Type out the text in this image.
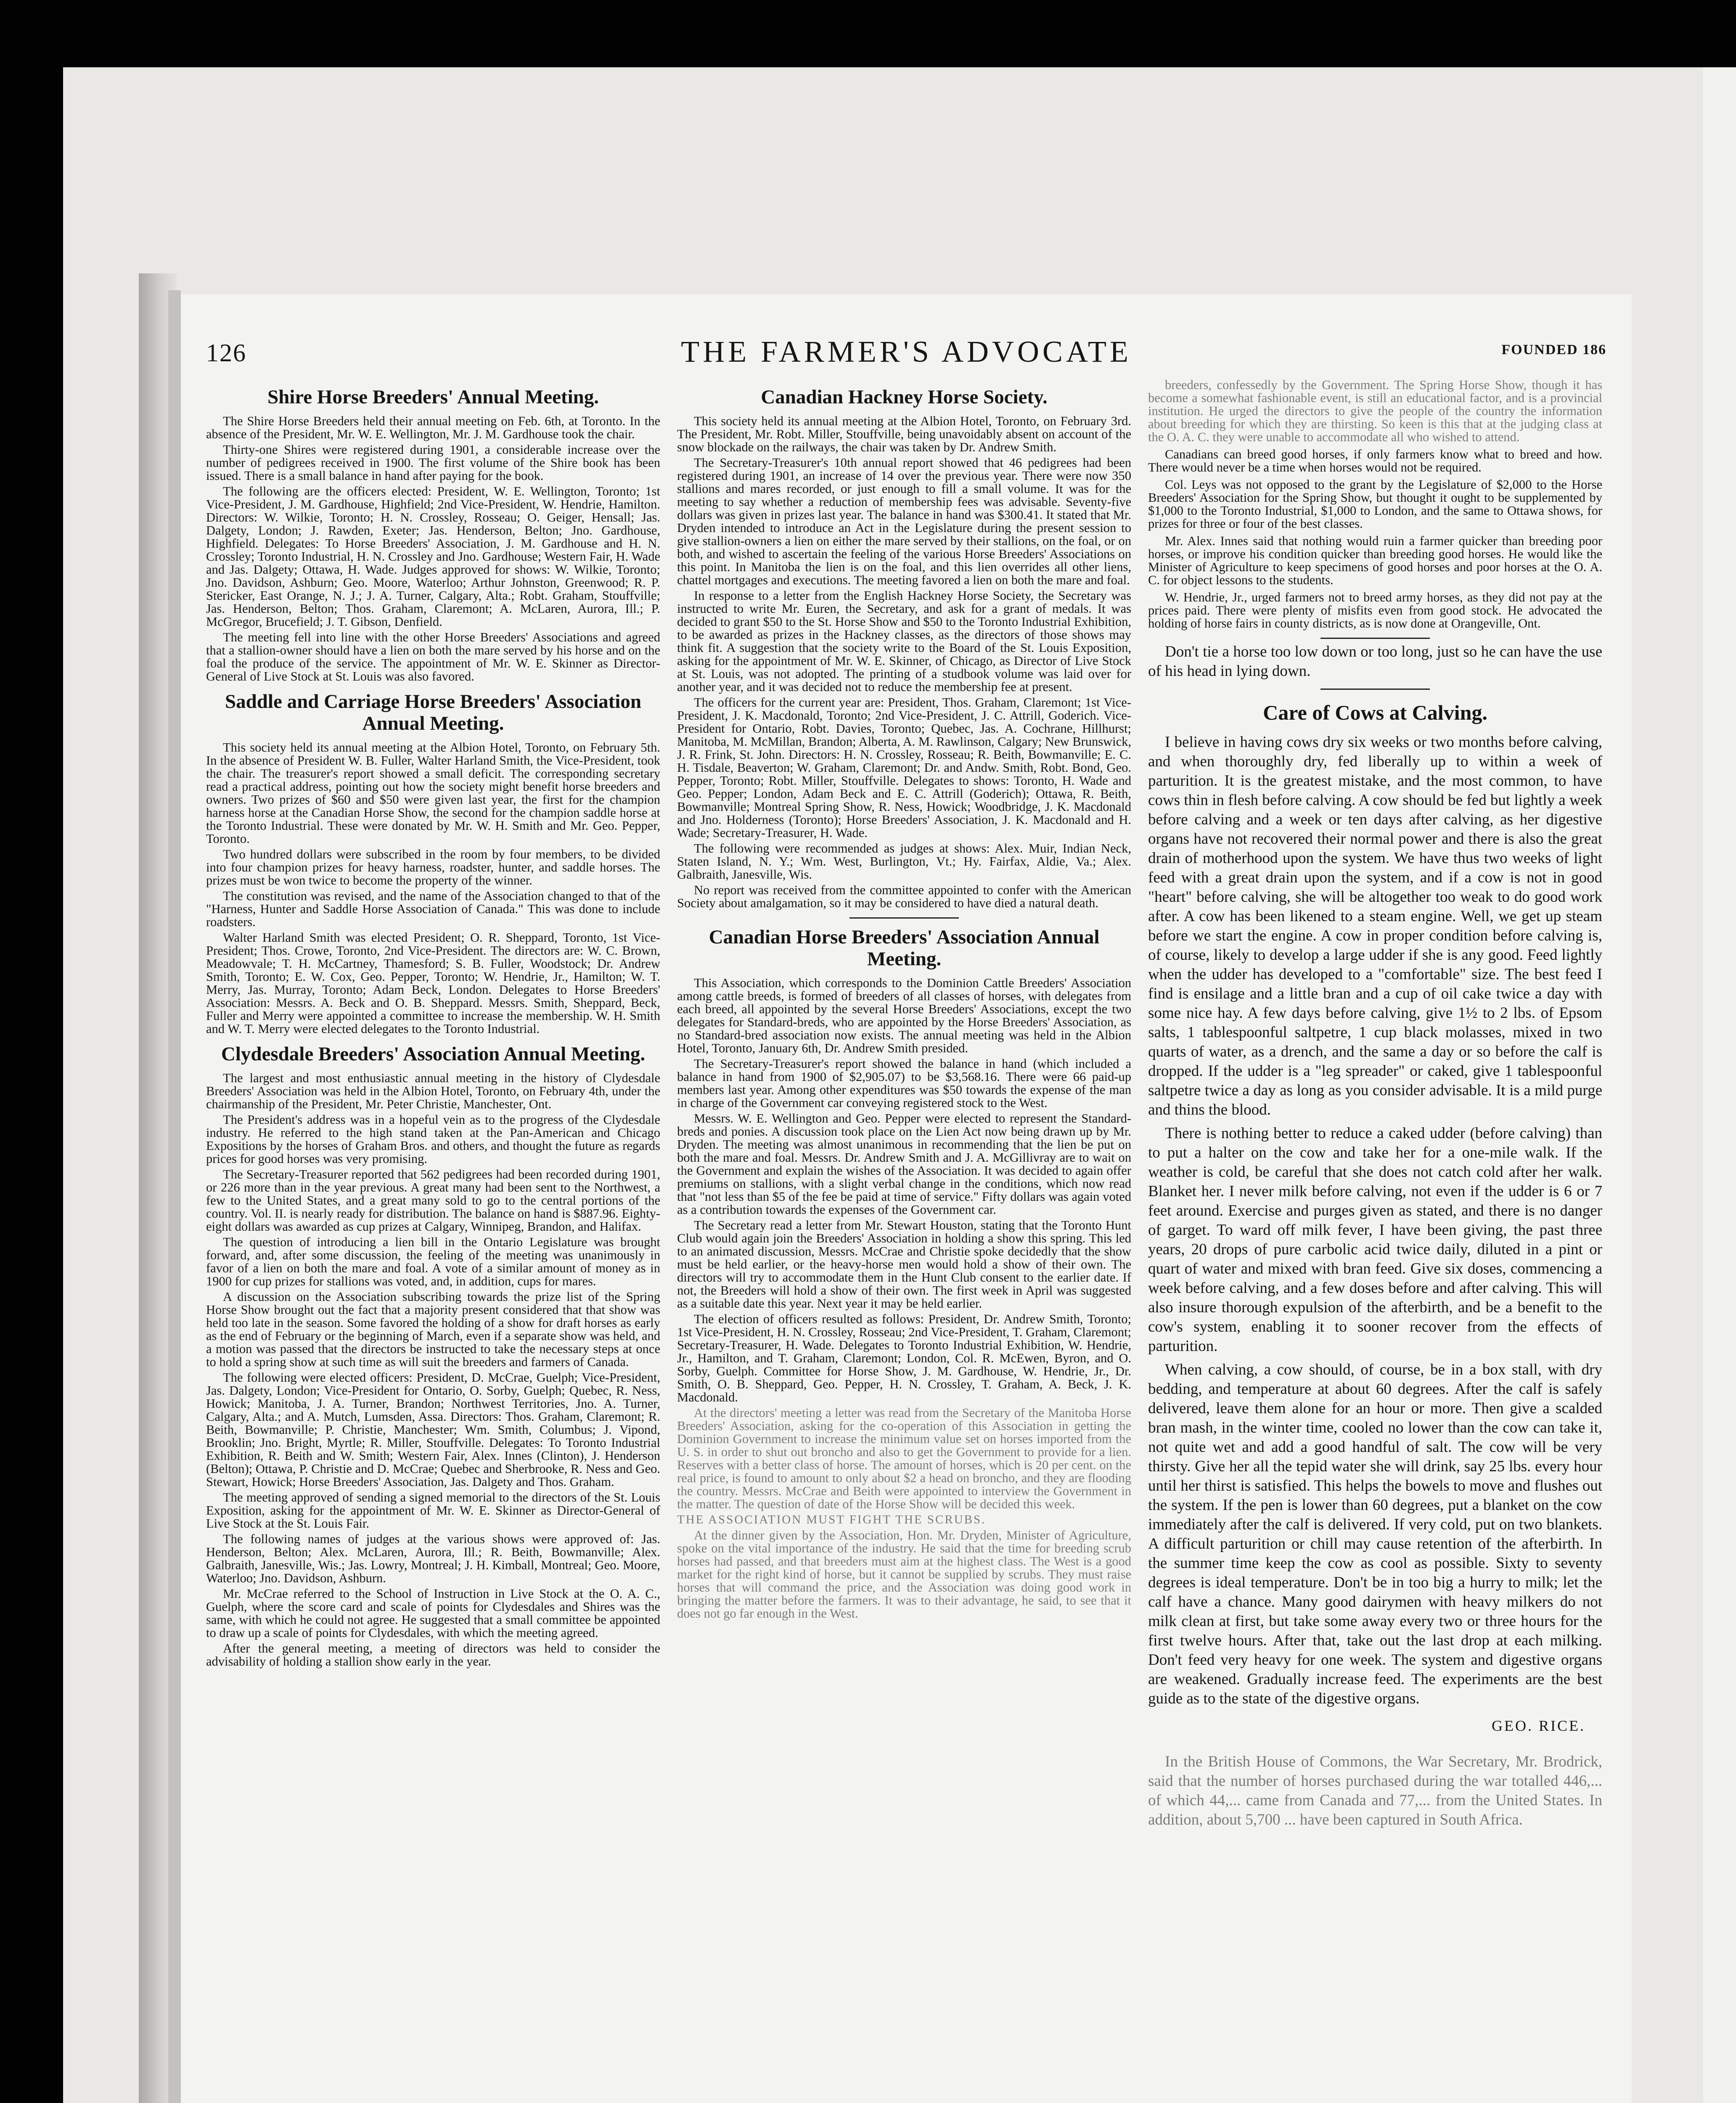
126	THE FARMER'S ADVOCATE	FOUNDED 186
Shire Horse Breeders' Annual Meeting.

The Shire Horse Breeders held their annual meeting on Feb. 6th, at Toronto. In the absence of the President, Mr. W. E. Wellington, Mr. J. M. Gardhouse took the chair.

Thirty-one Shires were registered during 1901, a considerable increase over the number of pedigrees received in 1900. The first volume of the Shire book has been issued. There is a small balance in hand after paying for the book.

The following are the officers elected: President, W. E. Wellington, Toronto; 1st Vice-President, J. M. Gardhouse, Highfield; 2nd Vice-President, W. Hendrie, Hamilton. Directors: W. Wilkie, Toronto; H. N. Crossley, Rosseau; O. Geiger, Hensall; Jas. Dalgety, London; J. Rawden, Exeter; Jas. Henderson, Belton; Jno. Gardhouse, Highfield. Delegates: To Horse Breeders' Association, J. M. Gardhouse and H. N. Crossley; Toronto Industrial, H. N. Crossley and Jno. Gardhouse; Western Fair, H. Wade and Jas. Dalgety; Ottawa, H. Wade. Judges approved for shows: W. Wilkie, Toronto; Jno. Davidson, Ashburn; Geo. Moore, Waterloo; Arthur Johnston, Greenwood; R. P. Stericker, East Orange, N. J.; J. A. Turner, Calgary, Alta.; Robt. Graham, Stouffville; Jas. Henderson, Belton; Thos. Graham, Claremont; A. McLaren, Aurora, Ill.; P. McGregor, Brucefield; J. T. Gibson, Denfield.

The meeting fell into line with the other Horse Breeders' Associations and agreed that a stallion-owner should have a lien on both the mare served by his horse and on the foal the produce of the service. The appointment of Mr. W. E. Skinner as Director-General of Live Stock at St. Louis was also favored.

Saddle and Carriage Horse Breeders' Association Annual Meeting.

This society held its annual meeting at the Albion Hotel, Toronto, on February 5th. In the absence of President W. B. Fuller, Walter Harland Smith, the Vice-President, took the chair. The treasurer's report showed a small deficit. The corresponding secretary read a practical address, pointing out how the society might benefit horse breeders and owners. Two prizes of $60 and $50 were given last year, the first for the champion harness horse at the Canadian Horse Show, the second for the champion saddle horse at the Toronto Industrial. These were donated by Mr. W. H. Smith and Mr. Geo. Pepper, Toronto.

Two hundred dollars were subscribed in the room by four members, to be divided into four champion prizes for heavy harness, roadster, hunter, and saddle horses. The prizes must be won twice to become the property of the winner.

The constitution was revised, and the name of the Association changed to that of the "Harness, Hunter and Saddle Horse Association of Canada." This was done to include roadsters.

Walter Harland Smith was elected President; O. R. Sheppard, Toronto, 1st Vice-President; Thos. Crowe, Toronto, 2nd Vice-President. The directors are: W. C. Brown, Meadowvale; T. H. McCartney, Thamesford; S. B. Fuller, Woodstock; Dr. Andrew Smith, Toronto; E. W. Cox, Geo. Pepper, Toronto; W. Hendrie, Jr., Hamilton; W. T. Merry, Jas. Murray, Toronto; Adam Beck, London. Delegates to Horse Breeders' Association: Messrs. A. Beck and O. B. Sheppard. Messrs. Smith, Sheppard, Beck, Fuller and Merry were appointed a committee to increase the membership. W. H. Smith and W. T. Merry were elected delegates to the Toronto Industrial.

Clydesdale Breeders' Association Annual Meeting.

The largest and most enthusiastic annual meeting in the history of Clydesdale Breeders' Association was held in the Albion Hotel, Toronto, on February 4th, under the chairmanship of the President, Mr. Peter Christie, Manchester, Ont.

The President's address was in a hopeful vein as to the progress of the Clydesdale industry. He referred to the high stand taken at the Pan-American and Chicago Expositions by the horses of Graham Bros. and others, and thought the future as regards prices for good horses was very promising.

The Secretary-Treasurer reported that 562 pedigrees had been recorded during 1901, or 226 more than in the year previous. A great many had been sent to the Northwest, a few to the United States, and a great many sold to go to the central portions of the country. Vol. II. is nearly ready for distribution. The balance on hand is $887.96. Eighty-eight dollars was awarded as cup prizes at Calgary, Winnipeg, Brandon, and Halifax.

The question of introducing a lien bill in the Ontario Legislature was brought forward, and, after some discussion, the feeling of the meeting was unanimously in favor of a lien on both the mare and foal. A vote of a similar amount of money as in 1900 for cup prizes for stallions was voted, and, in addition, cups for mares.

A discussion on the Association subscribing towards the prize list of the Spring Horse Show brought out the fact that a majority present considered that that show was held too late in the season. Some favored the holding of a show for draft horses as early as the end of February or the beginning of March, even if a separate show was held, and a motion was passed that the directors be instructed to take the necessary steps at once to hold a spring show at such time as will suit the breeders and farmers of Canada.

The following were elected officers: President, D. McCrae, Guelph; Vice-President, Jas. Dalgety, London; Vice-President for Ontario, O. Sorby, Guelph; Quebec, R. Ness, Howick; Manitoba, J. A. Turner, Brandon; Northwest Territories, Jno. A. Turner, Calgary, Alta.; and A. Mutch, Lumsden, Assa. Directors: Thos. Graham, Claremont; R. Beith, Bowmanville; P. Christie, Manchester; Wm. Smith, Columbus; J. Vipond, Brooklin; Jno. Bright, Myrtle; R. Miller, Stouffville. Delegates: To Toronto Industrial Exhibition, R. Beith and W. Smith; Western Fair, Alex. Innes (Clinton), J. Henderson (Belton); Ottawa, P. Christie and D. McCrae; Quebec and Sherbrooke, R. Ness and Geo. Stewart, Howick; Horse Breeders' Association, Jas. Dalgety and Thos. Graham.

The meeting approved of sending a signed memorial to the directors of the St. Louis Exposition, asking for the appointment of Mr. W. E. Skinner as Director-General of Live Stock at the St. Louis Fair.

The following names of judges at the various shows were approved of: Jas. Henderson, Belton; Alex. McLaren, Aurora, Ill.; R. Beith, Bowmanville; Alex. Galbraith, Janesville, Wis.; Jas. Lowry, Montreal; J. H. Kimball, Montreal; Geo. Moore, Waterloo; Jno. Davidson, Ashburn.

Mr. McCrae referred to the School of Instruction in Live Stock at the O. A. C., Guelph, where the score card and scale of points for Clydesdales and Shires was the same, with which he could not agree. He suggested that a small committee be appointed to draw up a scale of points for Clydesdales, with which the meeting agreed.

After the general meeting, a meeting of directors was held to consider the advisability of holding a stallion show early in the year.

Canadian Hackney Horse Society.

This society held its annual meeting at the Albion Hotel, Toronto, on February 3rd. The President, Mr. Robt. Miller, Stouffville, being unavoidably absent on account of the snow blockade on the railways, the chair was taken by Dr. Andrew Smith.

The Secretary-Treasurer's 10th annual report showed that 46 pedigrees had been registered during 1901, an increase of 14 over the previous year. There were now 350 stallions and mares recorded, or just enough to fill a small volume. It was for the meeting to say whether a reduction of membership fees was advisable. Seventy-five dollars was given in prizes last year. The balance in hand was $300.41. It stated that Mr. Dryden intended to introduce an Act in the Legislature during the present session to give stallion-owners a lien on either the mare served by their stallions, on the foal, or on both, and wished to ascertain the feeling of the various Horse Breeders' Associations on this point. In Manitoba the lien is on the foal, and this lien overrides all other liens, chattel mortgages and executions. The meeting favored a lien on both the mare and foal.

In response to a letter from the English Hackney Horse Society, the Secretary was instructed to write Mr. Euren, the Secretary, and ask for a grant of medals. It was decided to grant $50 to the St. Horse Show and $50 to the Toronto Industrial Exhibition, to be awarded as prizes in the Hackney classes, as the directors of those shows may think fit. A suggestion that the society write to the Board of the St. Louis Exposition, asking for the appointment of Mr. W. E. Skinner, of Chicago, as Director of Live Stock at St. Louis, was not adopted. The printing of a studbook volume was laid over for another year, and it was decided not to reduce the membership fee at present.

The officers for the current year are: President, Thos. Graham, Claremont; 1st Vice-President, J. K. Macdonald, Toronto; 2nd Vice-President, J. C. Attrill, Goderich. Vice-President for Ontario, Robt. Davies, Toronto; Quebec, Jas. A. Cochrane, Hillhurst; Manitoba, M. McMillan, Brandon; Alberta, A. M. Rawlinson, Calgary; New Brunswick, J. R. Frink, St. John. Directors: H. N. Crossley, Rosseau; R. Beith, Bowmanville; E. C. H. Tisdale, Beaverton; W. Graham, Claremont; Dr. and Andw. Smith, Robt. Bond, Geo. Pepper, Toronto; Robt. Miller, Stouffville. Delegates to shows: Toronto, H. Wade and Geo. Pepper; London, Adam Beck and E. C. Attrill (Goderich); Ottawa, R. Beith, Bowmanville; Montreal Spring Show, R. Ness, Howick; Woodbridge, J. K. Macdonald and Jno. Holderness (Toronto); Horse Breeders' Association, J. K. Macdonald and H. Wade; Secretary-Treasurer, H. Wade.

The following were recommended as judges at shows: Alex. Muir, Indian Neck, Staten Island, N. Y.; Wm. West, Burlington, Vt.; Hy. Fairfax, Aldie, Va.; Alex. Galbraith, Janesville, Wis.

No report was received from the committee appointed to confer with the American Society about amalgamation, so it may be considered to have died a natural death.

Canadian Horse Breeders' Association Annual Meeting.

This Association, which corresponds to the Dominion Cattle Breeders' Association among cattle breeds, is formed of breeders of all classes of horses, with delegates from each breed, all appointed by the several Horse Breeders' Associations, except the two delegates for Standard-breds, who are appointed by the Horse Breeders' Association, as no Standard-bred association now exists. The annual meeting was held in the Albion Hotel, Toronto, January 6th, Dr. Andrew Smith presided.

The Secretary-Treasurer's report showed the balance in hand (which included a balance in hand from 1900 of $2,905.07) to be $3,568.16. There were 66 paid-up members last year. Among other expenditures was $50 towards the expense of the man in charge of the Government car conveying registered stock to the West.

Messrs. W. E. Wellington and Geo. Pepper were elected to represent the Standard-breds and ponies. A discussion took place on the Lien Act now being drawn up by Mr. Dryden. The meeting was almost unanimous in recommending that the lien be put on both the mare and foal. Messrs. Dr. Andrew Smith and J. A. McGillivray are to wait on the Government and explain the wishes of the Association. It was decided to again offer premiums on stallions, with a slight verbal change in the conditions, which now read that "not less than $5 of the fee be paid at time of service." Fifty dollars was again voted as a contribution towards the expenses of the Government car.

The Secretary read a letter from Mr. Stewart Houston, stating that the Toronto Hunt Club would again join the Breeders' Association in holding a show this spring. This led to an animated discussion, Messrs. McCrae and Christie spoke decidedly that the show must be held earlier, or the heavy-horse men would hold a show of their own. The directors will try to accommodate them in the Hunt Club consent to the earlier date. If not, the Breeders will hold a show of their own. The first week in April was suggested as a suitable date this year. Next year it may be held earlier.

The election of officers resulted as follows: President, Dr. Andrew Smith, Toronto; 1st Vice-President, H. N. Crossley, Rosseau; 2nd Vice-President, T. Graham, Claremont; Secretary-Treasurer, H. Wade. Delegates to Toronto Industrial Exhibition, W. Hendrie, Jr., Hamilton, and T. Graham, Claremont; London, Col. R. McEwen, Byron, and O. Sorby, Guelph. Committee for Horse Show, J. M. Gardhouse, W. Hendrie, Jr., Dr. Smith, O. B. Sheppard, Geo. Pepper, H. N. Crossley, T. Graham, A. Beck, J. K. Macdonald.

At the directors' meeting a letter was read from the Secretary of the Manitoba Horse Breeders' Association, asking for the co-operation of this Association in getting the Dominion Government to increase the minimum value set on horses imported from the U. S. in order to shut out broncho and also to get the Government to provide for a lien. Reserves with a better class of horse. The amount of horses, which is 20 per cent. on the real price, is found to amount to only about $2 a head on broncho, and they are flooding the country. Messrs. McCrae and Beith were appointed to interview the Government in the matter. The question of date of the Horse Show will be decided this week.

THE ASSOCIATION MUST FIGHT THE SCRUBS.

At the dinner given by the Association, Hon. Mr. Dryden, Minister of Agriculture, spoke on the vital importance of the industry. He said that the time for breeding scrub horses had passed, and that breeders must aim at the highest class. The West is a good market for the right kind of horse, but it cannot be supplied by scrubs. They must raise horses that will command the price, and the Association was doing good work in bringing the matter before the farmers. It was to their advantage, he said, to see that it does not go far enough in the West.

breeders, confessedly by the Government. The Spring Horse Show, though it has become a somewhat fashionable event, is still an educational factor, and is a provincial institution. He urged the directors to give the people of the country the information about breeding for which they are thirsting. So keen is this that at the judging class at the O. A. C. they were unable to accommodate all who wished to attend.

Canadians can breed good horses, if only farmers know what to breed and how. There would never be a time when horses would not be required.

Col. Leys was not opposed to the grant by the Legislature of $2,000 to the Horse Breeders' Association for the Spring Show, but thought it ought to be supplemented by $1,000 to the Toronto Industrial, $1,000 to London, and the same to Ottawa shows, for prizes for three or four of the best classes.

Mr. Alex. Innes said that nothing would ruin a farmer quicker than breeding poor horses, or improve his condition quicker than breeding good horses. He would like the Minister of Agriculture to keep specimens of good horses and poor horses at the O. A. C. for object lessons to the students.

W. Hendrie, Jr., urged farmers not to breed army horses, as they did not pay at the prices paid. There were plenty of misfits even from good stock. He advocated the holding of horse fairs in county districts, as is now done at Orangeville, Ont.

Don't tie a horse too low down or too long, just so he can have the use of his head in lying down.

Care of Cows at Calving.

I believe in having cows dry six weeks or two months before calving, and when thoroughly dry, fed liberally up to within a week of parturition. It is the greatest mistake, and the most common, to have cows thin in flesh before calving. A cow should be fed but lightly a week before calving and a week or ten days after calving, as her digestive organs have not recovered their normal power and there is also the great drain of motherhood upon the system. We have thus two weeks of light feed with a great drain upon the system, and if a cow is not in good "heart" before calving, she will be altogether too weak to do good work after. A cow has been likened to a steam engine. Well, we get up steam before we start the engine. A cow in proper condition before calving is, of course, likely to develop a large udder if she is any good. Feed lightly when the udder has developed to a "comfortable" size. The best feed I find is ensilage and a little bran and a cup of oil cake twice a day with some nice hay. A few days before calving, give 1½ to 2 lbs. of Epsom salts, 1 tablespoonful saltpetre, 1 cup black molasses, mixed in two quarts of water, as a drench, and the same a day or so before the calf is dropped. If the udder is a "leg spreader" or caked, give 1 tablespoonful saltpetre twice a day as long as you consider advisable. It is a mild purge and thins the blood.

There is nothing better to reduce a caked udder (before calving) than to put a halter on the cow and take her for a one-mile walk. If the weather is cold, be careful that she does not catch cold after her walk. Blanket her. I never milk before calving, not even if the udder is 6 or 7 feet around. Exercise and purges given as stated, and there is no danger of garget. To ward off milk fever, I have been giving, the past three years, 20 drops of pure carbolic acid twice daily, diluted in a pint or quart of water and mixed with bran feed. Give six doses, commencing a week before calving, and a few doses before and after calving. This will also insure thorough expulsion of the afterbirth, and be a benefit to the cow's system, enabling it to sooner recover from the effects of parturition.

When calving, a cow should, of course, be in a box stall, with dry bedding, and temperature at about 60 degrees. After the calf is safely delivered, leave them alone for an hour or more. Then give a scalded bran mash, in the winter time, cooled no lower than the cow can take it, not quite wet and add a good handful of salt. The cow will be very thirsty. Give her all the tepid water she will drink, say 25 lbs. every hour until her thirst is satisfied. This helps the bowels to move and flushes out the system. If the pen is lower than 60 degrees, put a blanket on the cow immediately after the calf is delivered. If very cold, put on two blankets. A difficult parturition or chill may cause retention of the afterbirth. In the summer time keep the cow as cool as possible. Sixty to seventy degrees is ideal temperature. Don't be in too big a hurry to milk; let the calf have a chance. Many good dairymen with heavy milkers do not milk clean at first, but take some away every two or three hours for the first twelve hours. After that, take out the last drop at each milking. Don't feed very heavy for one week. The system and digestive organs are weakened. Gradually increase feed. The experiments are the best guide as to the state of the digestive organs.

GEO. RICE.

In the British House of Commons, the War Secretary, Mr. Brodrick, said that the number of horses purchased during the war totalled 446,... of which 44,... came from Canada and 77,... from the United States. In addition, about 5,700 ... have been captured in South Africa.
